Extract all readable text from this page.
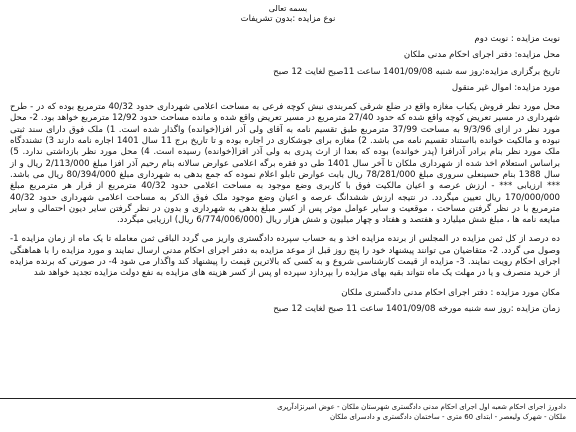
بسمه تعالی

نوع مزایده :بدون تشریفات

نوبت مزایده : نوبت دوم

محل مزایده: دفتر اجرای احکام مدنی ملکان

تاریخ برگزاری مزایده:روز سه شنبه 1401/09/08 ساعت 11صبح لغایت 12 صبح

مورد مزایده: اموال غیر منقول

محل مورد نظر فروش یکباب مغازه واقع در ضلع شرقی کمربندی نبش کوچه فرعی به مساحت اعلامی شهرداری حدود 40/32 مترمربع بوده که در - طرح شهرداری در مسیر تعریض کوچه واقع شده که حدود 27/40 مترمربع در مسیر تعریض واقع شده و مانده مساحت حدود 12/92 مترمربع خواهد بود. 2- محل مورد نظر در ازای 9/3/96 به مساحت 37/99 مترمربع طبق تقسیم نامه به آقای ولی آذر افزا(خوانده) واگذار شده است. 1) ملک فوق دارای سند ثبتی نبوده و مالکیت خوانده بااستناد تقسیم نامه می باشد. 2) مغازه برای جوشکاری در اجاره بوده و تا تاریخ برج 11 سال 1401 اجاره نامه دارند 3) تشنددگاه ملک مورد نظر بنام برادر آذرافزا (پدر خوانده) بوده که بعدا از ارث پدری به ولی آذر افزا(خوانده) رسیده است. 4) محل مورد نظر بازداشتی ندارد. 5) براساس استعلام اخذ شده از شهرداری ملکان تا آخر سال 1401 طی دو فقره برگه اعلامی عوارض سالانه بنام رحیم آذر افزا مبلغ 2/113/000 ریال و از سال 1388 بنام حسینعلی سروری مبلغ 78/281/000 ریال بابت عوارض تابلو اعلام نموده که جمع بدهی به شهرداری مبلغ 80/394/000 ریال می باشد. *** ارزیابی *** - ارزش عرصه و اعیان مالکیت فوق با کاربری وضع موجود به مساحت اعلامی حدود 40/32 مترمربع از قرار هر مترمربع مبلغ 170/000/000 ریال تعیین میگردد. در نتیجه ارزش ششدانگ عرصه و اعیان وضع موجود ملک فوق الذکر به مساحت اعلامی شهرداری حدود 40/32 مترمربع با در نظر گرفتن مساحت ، موقعیت و سایر عوامل موثر پس از کسر مبلغ بدهی به شهرداری و بدون در نظر گرفتن سایر دیون احتمالی و سایر مبایعه نامه ها ، مبلغ شش میلیارد و هفتصد و هفتاد و چهار میلیون و شش هزار ریال (6/774/006/000 ریال) ارزیابی میگردد.

ده درصد از کل ثمن مزایده در المجلس از برنده مزایده اخذ و به حساب سپرده دادگستری واریز می گردد الباقی ثمن معامله تا یک ماه از زمان مزایده 1- وصول می گردد. 2- متقاضیان می توانند پیشنهاد خود را پنج روز قبل از موعد مزایده به دفتر اجرای احکام مدنی ارسال نمایند و مورد مزایده را با هماهنگی اجرای احکام رویت نمایند. 3- مزایده از قیمت کارشناسی شروع و به کسی که بالاترین قیمت را پیشنهاد کند واگذار می شود 4- در صورتی که برنده مزایده از خرید منصرف و یا در مهلت یک ماه نتواند بقیه بهای مزایده را بپردازد سپرده او پس از کسر هزینه های مزایده به نفع دولت مزایده تجدید خواهد شد

مکان مورد مزایده : دفتر اجرای احکام مدنی دادگستری ملکان

زمان مزایده :روز سه شنبه مورخه 1401/09/08 ساعت 11 صبح لغایت 12 صبح

دادورز اجرای احکام شعبه اول اجرای احکام مدنی دادگستری شهرستان ملکان - عوض امیرنژادآرپری

ملکان - شهرک ولیعصر - ابتدای 60 متری - ساختمان دادگستری و دادسرای ملکان
